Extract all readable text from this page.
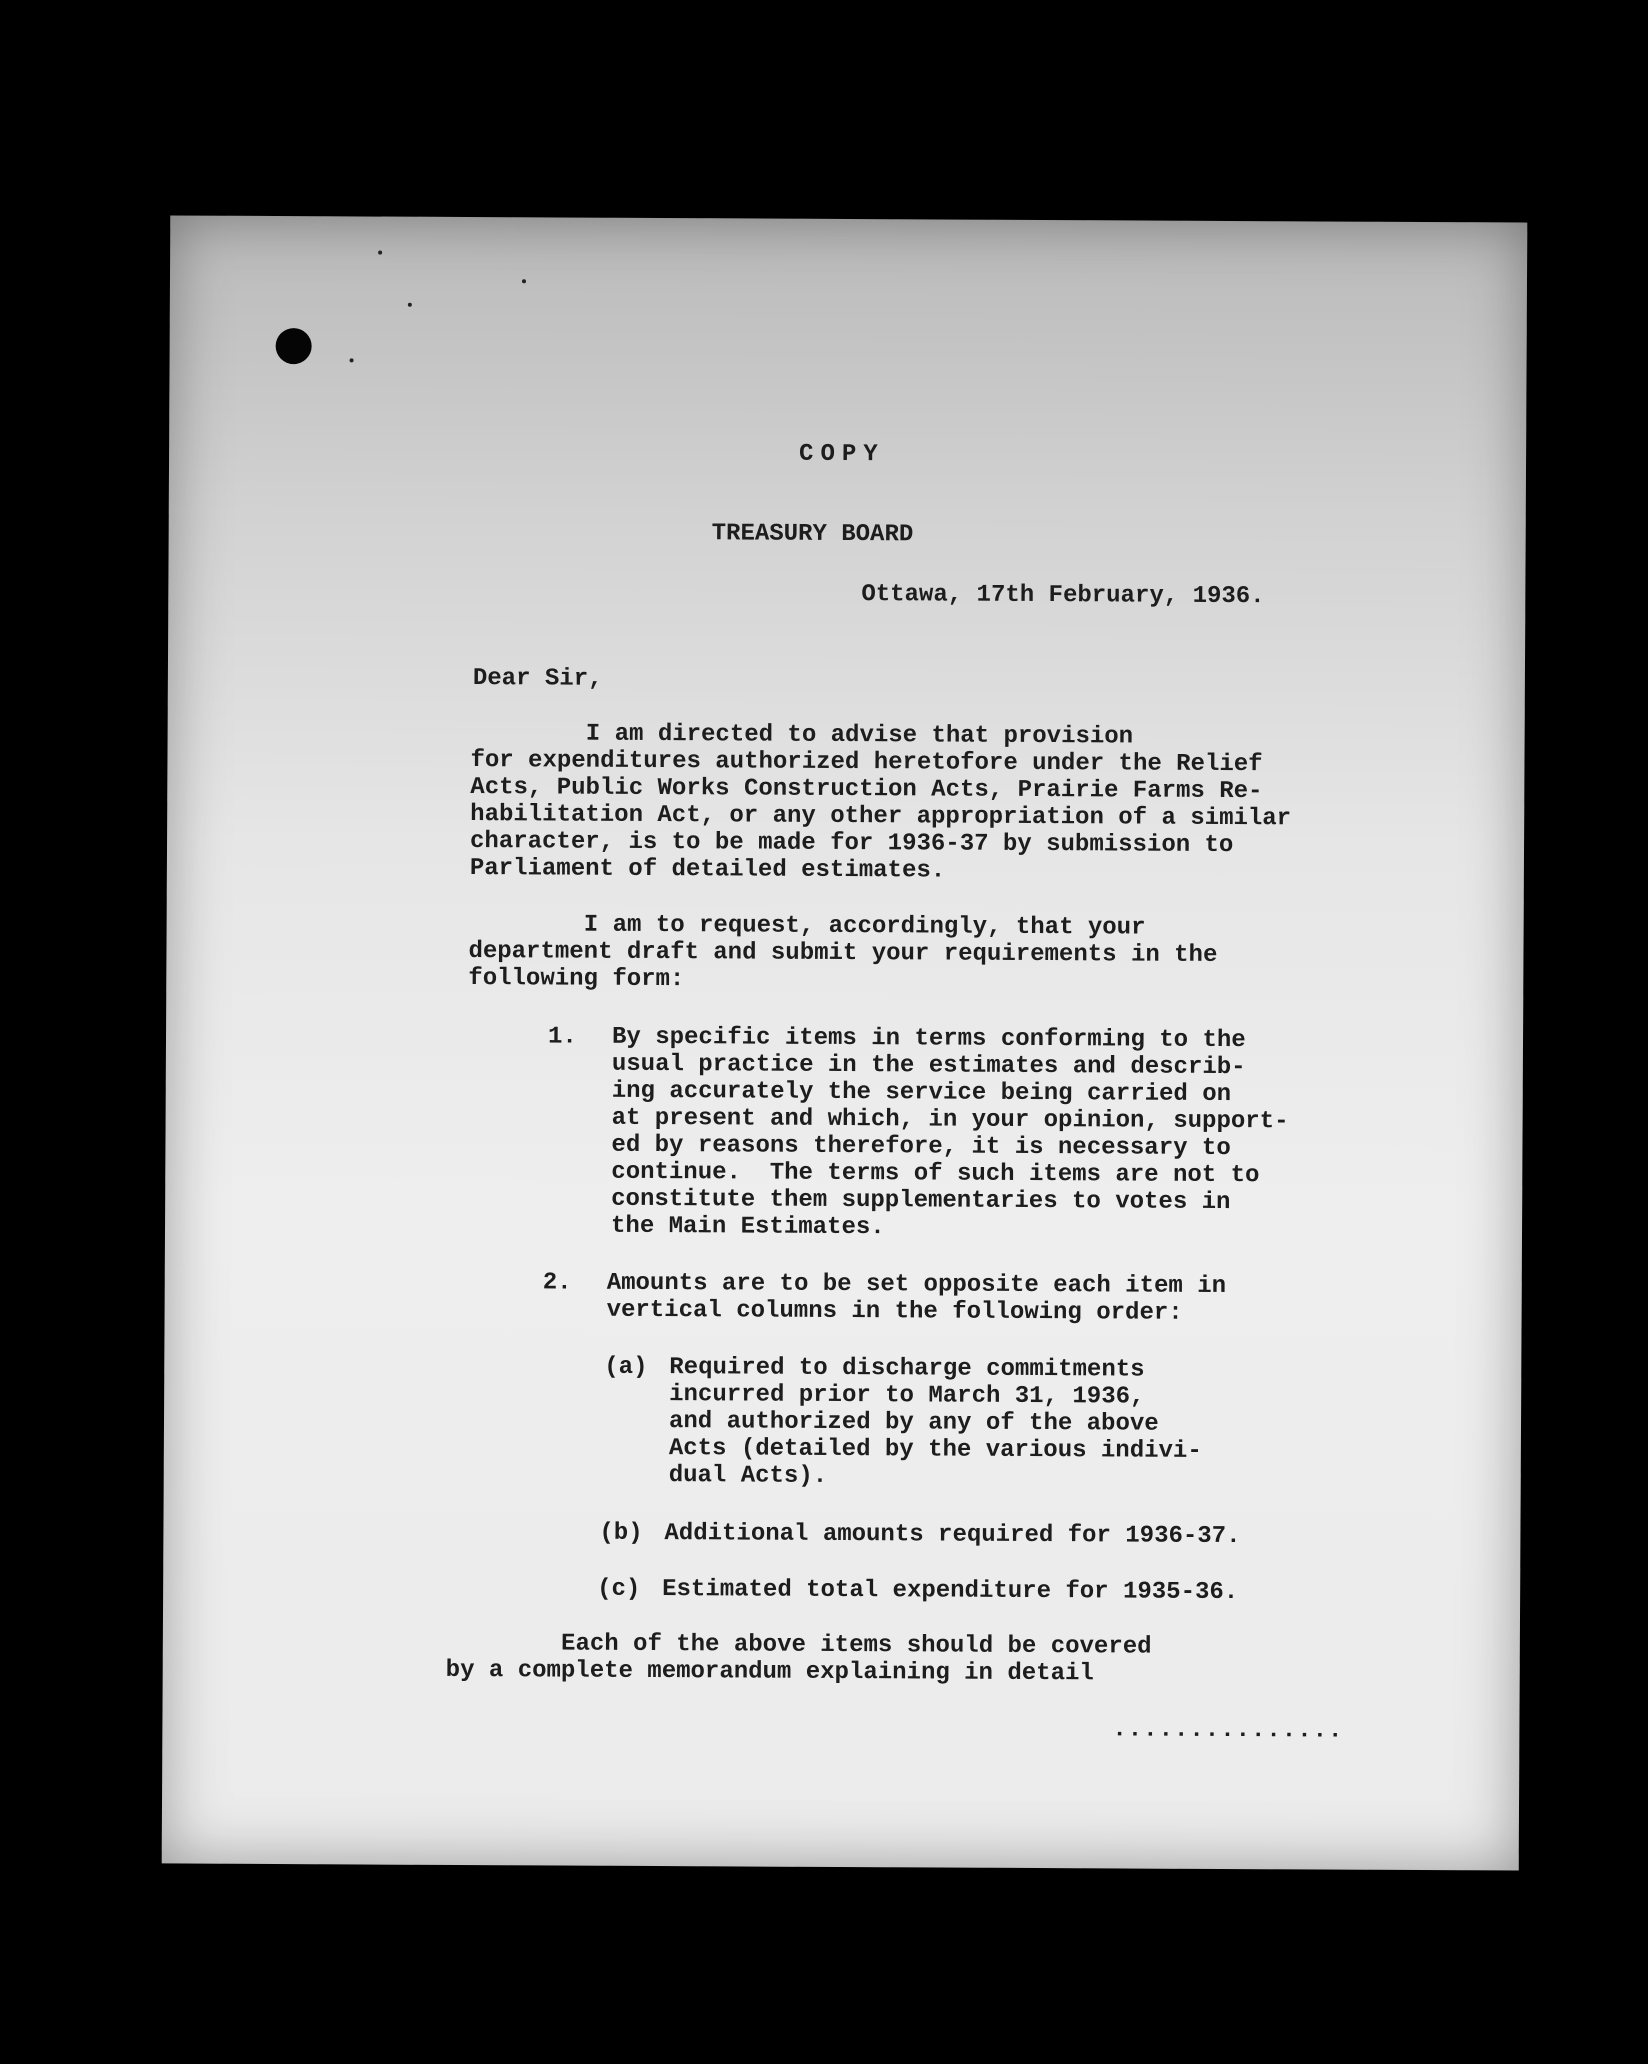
COPY
TREASURY BOARD
Ottawa, 17th February, 1936.
Dear Sir,
I am directed to advise that provision
for expenditures authorized heretofore under the Relief
Acts, Public Works Construction Acts, Prairie Farms Re-
habilitation Act, or any other appropriation of a similar
character, is to be made for 1936-37 by submission to
Parliament of detailed estimates.
I am to request, accordingly, that your
department draft and submit your requirements in the
following form:
1. By specific items in terms conforming to the
usual practice in the estimates and describ-
ing accurately the service being carried on
at present and which, in your opinion, support-
ed by reasons therefore, it is necessary to
continue.  The terms of such items are not to
constitute them supplementaries to votes in
the Main Estimates.
2. Amounts are to be set opposite each item in
vertical columns in the following order:
(a) Required to discharge commitments
incurred prior to March 31, 1936,
and authorized by any of the above
Acts (detailed by the various indivi-
dual Acts).
(b) Additional amounts required for 1936-37.
(c) Estimated total expenditure for 1935-36.
Each of the above items should be covered
by a complete memorandum explaining in detail
...............
